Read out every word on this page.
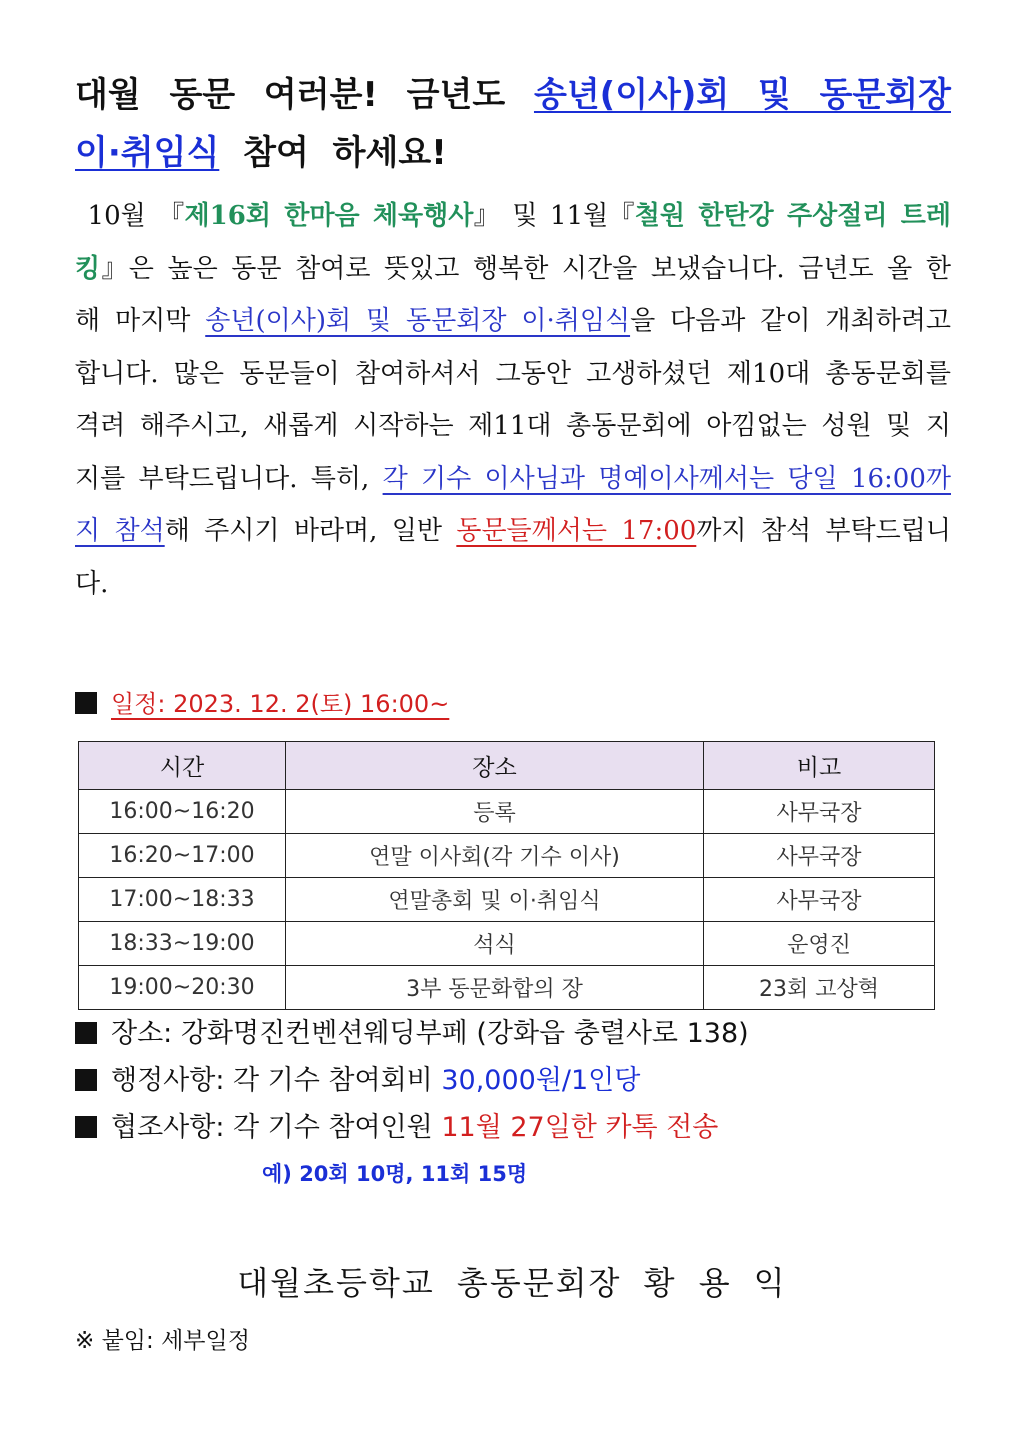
대월 동문 여러분! 금년도 송년(이사)회 및 동문회장 이·취임식 참여 하세요!
10월 『제16회 한마음 체육행사』 및 11월『철원 한탄강 주상절리 트레킹』은 높은 동문 참여로 뜻있고 행복한 시간을 보냈습니다. 금년도 올 한 해 마지막 송년(이사)회 및 동문회장 이·취임식을 다음과 같이 개최하려고 합니다. 많은 동문들이 참여하셔서 그동안 고생하셨던 제10대 총동문회를 격려 해주시고, 새롭게 시작하는 제11대 총동문회에 아낌없는 성원 및 지지를 부탁드립니다. 특히, 각 기수 이사님과 명예이사께서는 당일 16:00까지 참석해 주시기 바라며, 일반 동문들께서는 17:00까지 참석 부탁드립니다.
일정: 2023. 12. 2(토) 16:00~
시간	장소	비고
16:00~16:20	등록	사무국장
16:20~17:00	연말 이사회(각 기수 이사)	사무국장
17:00~18:33	연말총회 및 이·취임식	사무국장
18:33~19:00	석식	운영진
19:00~20:30	3부 동문화합의 장	23회 고상혁
장소: 강화명진컨벤션웨딩부페 (강화읍 충렬사로 138)
행정사항: 각 기수 참여회비 30,000원/1인당
협조사항: 각 기수 참여인원 11월 27일한 카톡 전송
예) 20회 10명, 11회 15명
대월초등학교 총동문회장 황 용 익
※ 붙임: 세부일정
